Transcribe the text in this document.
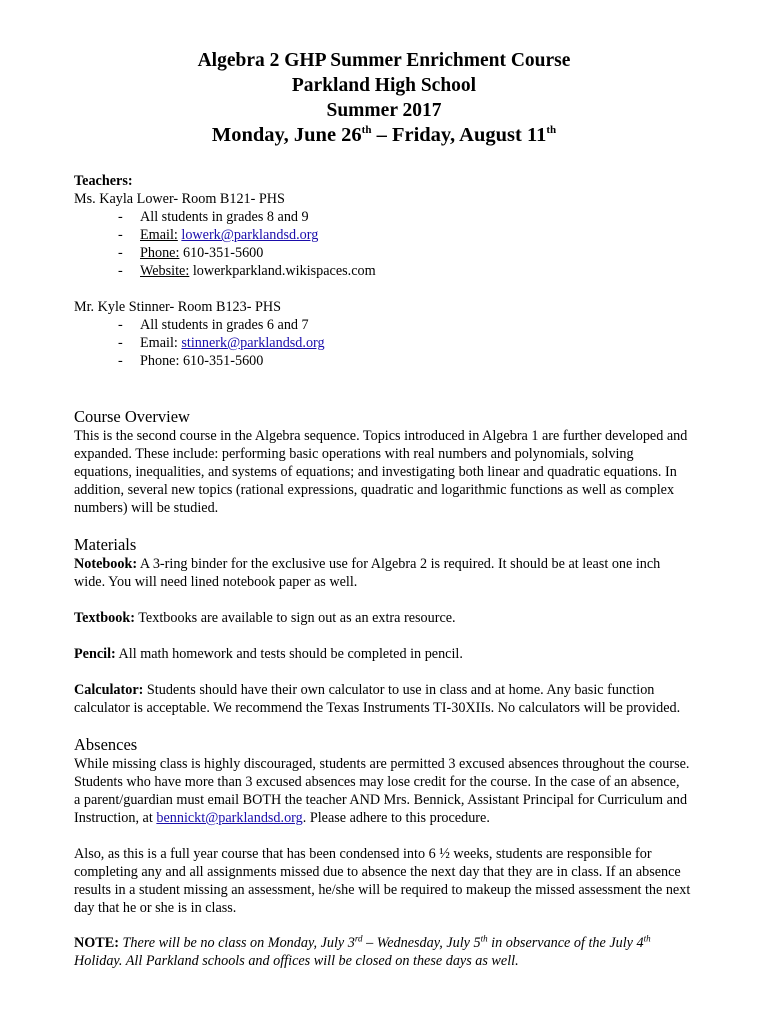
Algebra 2 GHP Summer Enrichment Course
Parkland High School
Summer 2017
Monday, June 26th – Friday, August 11th
Teachers:
Ms. Kayla Lower- Room B121- PHS
- All students in grades 8 and 9
- Email: lowerk@parklandsd.org
- Phone: 610-351-5600
- Website: lowerkparkland.wikispaces.com
Mr. Kyle Stinner- Room B123- PHS
- All students in grades 6 and 7
- Email: stinnerk@parklandsd.org
- Phone: 610-351-5600
Course Overview
This is the second course in the Algebra sequence. Topics introduced in Algebra 1 are further developed and
expanded. These include: performing basic operations with real numbers and polynomials, solving
equations, inequalities, and systems of equations; and investigating both linear and quadratic equations. In
addition, several new topics (rational expressions, quadratic and logarithmic functions as well as complex
numbers) will be studied.
Materials
Notebook: A 3-ring binder for the exclusive use for Algebra 2 is required. It should be at least one inch
wide. You will need lined notebook paper as well.
Textbook: Textbooks are available to sign out as an extra resource.
Pencil: All math homework and tests should be completed in pencil.
Calculator: Students should have their own calculator to use in class and at home. Any basic function
calculator is acceptable. We recommend the Texas Instruments TI-30XIIs. No calculators will be provided.
Absences
While missing class is highly discouraged, students are permitted 3 excused absences throughout the course.
Students who have more than 3 excused absences may lose credit for the course. In the case of an absence,
a parent/guardian must email BOTH the teacher AND Mrs. Bennick, Assistant Principal for Curriculum and
Instruction, at bennickt@parklandsd.org. Please adhere to this procedure.
Also, as this is a full year course that has been condensed into 6 ½ weeks, students are responsible for
completing any and all assignments missed due to absence the next day that they are in class. If an absence
results in a student missing an assessment, he/she will be required to makeup the missed assessment the next
day that he or she is in class.
NOTE: There will be no class on Monday, July 3rd – Wednesday, July 5th in observance of the July 4th
Holiday. All Parkland schools and offices will be closed on these days as well.
